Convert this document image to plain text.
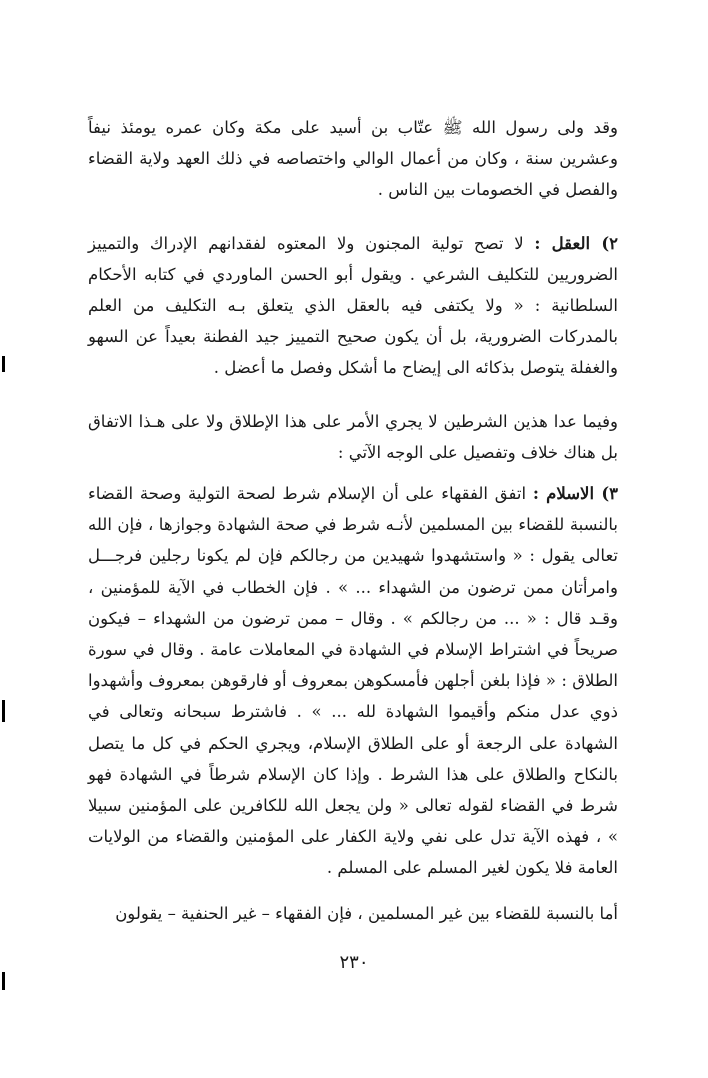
وقد ولى رسول الله ﷺ عتّاب بن أسيد على مكة وكان عمره يومئذ نيفاً وعشرين سنة ، وكان من أعمال الوالي واختصاصه في ذلك العهد ولاية القضاء والفصل في الخصومات بين الناس .

٢) العقل : لا تصح تولية المجنون ولا المعتوه لفقدانهم الإدراك والتمييز الضروريين للتكليف الشرعي . ويقول أبو الحسن الماوردي في كتابه الأحكام السلطانية : « ولا يكتفى فيه بالعقل الذي يتعلق بـه التكليف من العلم بالمدركات الضرورية، بل أن يكون صحيح التمييز جيد الفطنة بعيداً عن السهو والغفلة يتوصل بذكائه الى إيضاح ما أشكل وفصل ما أعضل .

وفيما عدا هذين الشرطين لا يجري الأمر على هذا الإطلاق ولا على هـذا الاتفاق بل هناك خلاف وتفصيل على الوجه الآتي :

٣) الاسلام : اتفق الفقهاء على أن الإسلام شرط لصحة التولية وصحة القضاء بالنسبة للقضاء بين المسلمين لأنـه شرط في صحة الشهادة وجوازها ، فإن الله تعالى يقول : « واستشهدوا شهيدين من رجالكم فإن لم يكونا رجلين فرجـــل وامرأتان ممن ترضون من الشهداء ... » . فإن الخطاب في الآية للمؤمنين ، وقـد قال : « ... من رجالكم » . وقال – ممن ترضون من الشهداء – فيكون صريحاً في اشتراط الإسلام في الشهادة في المعاملات عامة . وقال في سورة الطلاق : « فإذا بلغن أجلهن فأمسكوهن بمعروف أو فارقوهن بمعروف وأشهدوا ذوي عدل منكم وأقيموا الشهادة لله ... » . فاشترط سبحانه وتعالى في الشهادة على الرجعة أو على الطلاق الإسلام، ويجري الحكم في كل ما يتصل بالنكاح والطلاق على هذا الشرط . وإذا كان الإسلام شرطاً في الشهادة فهو شرط في القضاء لقوله تعالى « ولن يجعل الله للكافرين على المؤمنين سبيلا » ، فهذه الآية تدل على نفي ولاية الكفار على المؤمنين والقضاء من الولايات العامة فلا يكون لغير المسلم على المسلم .

أما بالنسبة للقضاء بين غير المسلمين ، فإن الفقهاء – غير الحنفية – يقولون

٢٣٠
